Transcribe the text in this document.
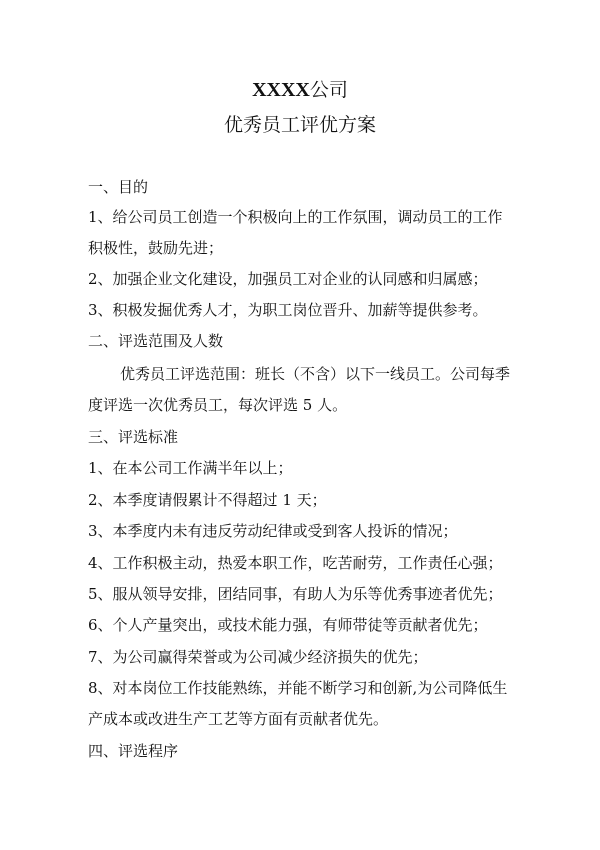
XXXX公司
优秀员工评优方案
一、目的
1、给公司员工创造一个积极向上的工作氛围，调动员工的工作
积极性，鼓励先进；
2、加强企业文化建设，加强员工对企业的认同感和归属感；
3、积极发掘优秀人才，为职工岗位晋升、加薪等提供参考。
二、评选范围及人数
优秀员工评选范围：班长（不含）以下一线员工。公司每季
度评选一次优秀员工，每次评选 5 人。
三、评选标准
1、在本公司工作满半年以上；
2、本季度请假累计不得超过 1 天；
3、本季度内未有违反劳动纪律或受到客人投诉的情况；
4、工作积极主动，热爱本职工作，吃苦耐劳，工作责任心强；
5、服从领导安排，团结同事，有助人为乐等优秀事迹者优先；
6、个人产量突出，或技术能力强，有师带徒等贡献者优先；
7、为公司赢得荣誉或为公司减少经济损失的优先；
8、对本岗位工作技能熟练，并能不断学习和创新,为公司降低生
产成本或改进生产工艺等方面有贡献者优先。
四、评选程序
